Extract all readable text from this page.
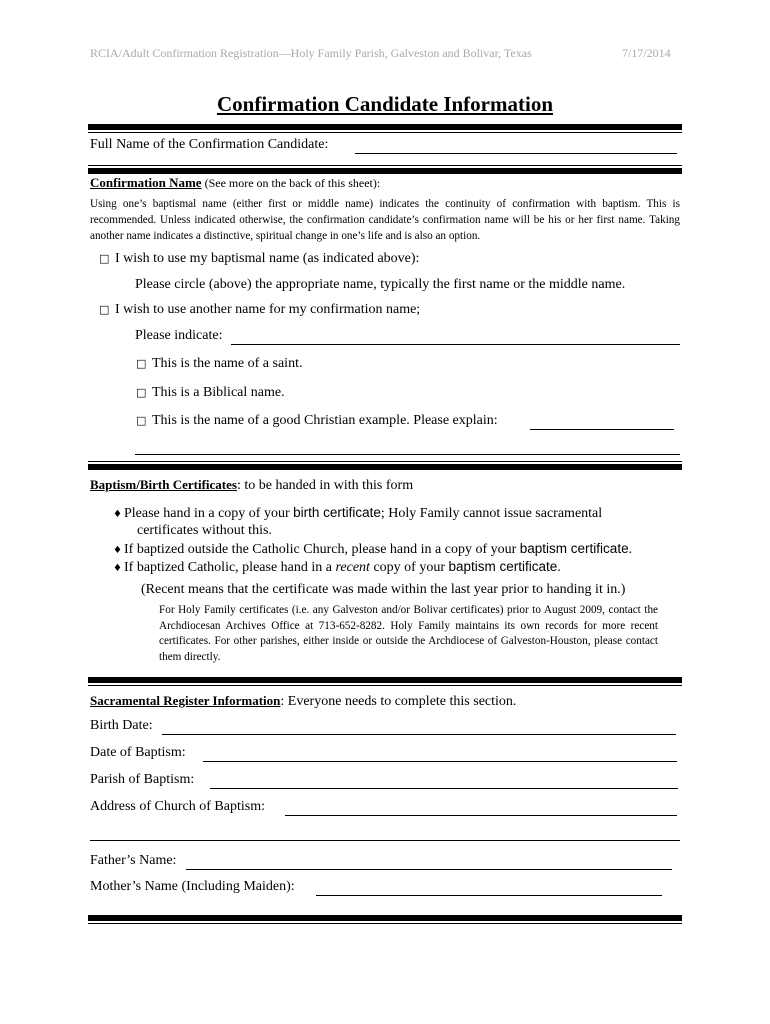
RCIA/Adult Confirmation Registration—Holy Family Parish, Galveston and Bolivar, Texas	7/17/2014
Confirmation Candidate Information
Full Name of the Confirmation Candidate:
Confirmation Name (See more on the back of this sheet):
Using one’s baptismal name (either first or middle name) indicates the continuity of confirmation with baptism. This is recommended. Unless indicated otherwise, the confirmation candidate’s confirmation name will be his or her first name. Taking another name indicates a distinctive, spiritual change in one’s life and is also an option.
□ I wish to use my baptismal name (as indicated above):
Please circle (above) the appropriate name, typically the first name or the middle name.
□ I wish to use another name for my confirmation name;
Please indicate:
□ This is the name of a saint.
□ This is a Biblical name.
□ This is the name of a good Christian example. Please explain:
Baptism/Birth Certificates: to be handed in with this form
♦ Please hand in a copy of your birth certificate; Holy Family cannot issue sacramental
certificates without this.
♦ If baptized outside the Catholic Church, please hand in a copy of your baptism certificate.
♦ If baptized Catholic, please hand in a recent copy of your baptism certificate.
(Recent means that the certificate was made within the last year prior to handing it in.)
For Holy Family certificates (i.e. any Galveston and/or Bolivar certificates) prior to August 2009, contact the Archdiocesan Archives Office at 713-652-8282. Holy Family maintains its own records for more recent certificates. For other parishes, either inside or outside the Archdiocese of Galveston-Houston, please contact them directly.
Sacramental Register Information: Everyone needs to complete this section.
Birth Date:
Date of Baptism:
Parish of Baptism:
Address of Church of Baptism:
Father’s Name:
Mother’s Name (Including Maiden):
